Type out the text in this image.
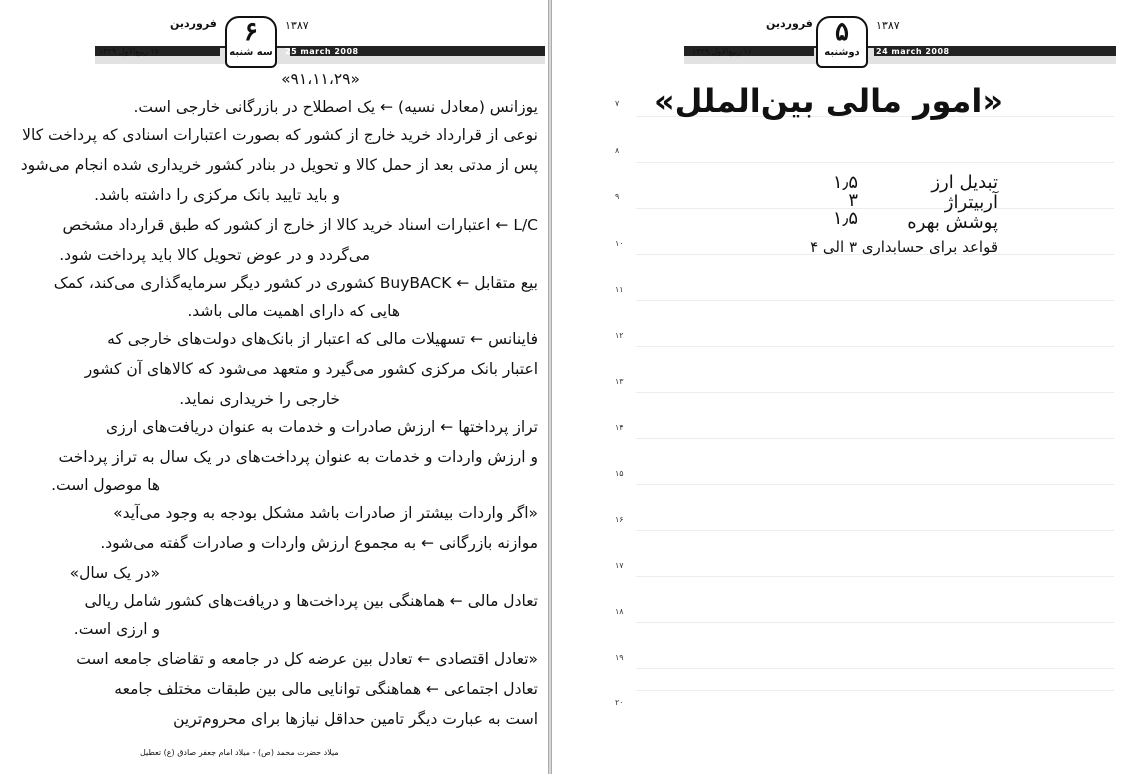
۱۷ ربیع‌الاول ۱۴۲۹
فروردین	۶
سه شنبه
۱۳۸۷
25 march 2008
«۹۱،۱۱،۲۹»
یوزانس (معادل نسیه) ← یک اصطلاح در بازرگانی خارجی است.
نوعی از قرارداد خرید خارج از کشور که بصورت اعتبارات اسنادی که پرداخت کالا
پس از مدتی بعد از حمل کالا و تحویل در بنادر کشور خریداری شده انجام می‌شود
و باید تایید بانک مرکزی را داشته باشد.
L/C ← اعتبارات اسناد خرید کالا از خارج از کشور که طبق قرارداد مشخص
می‌گردد و در عوض تحویل کالا باید پرداخت شود.
بیع متقابل ← BuyBACK کشوری در کشور دیگر سرمایه‌گذاری می‌کند، کمک
هایی که دارای اهمیت مالی باشد.
فاینانس ← تسهیلات مالی که اعتبار از بانک‌های دولت‌های خارجی که
اعتبار بانک مرکزی کشور می‌گیرد و متعهد می‌شود که کالاهای آن کشور
خارجی را خریداری نماید.
تراز پرداختها ← ارزش صادرات و خدمات به عنوان دریافت‌های ارزی
و ارزش واردات و خدمات به عنوان پرداخت‌های در یک سال به تراز پرداخت
ها موصول است.
«اگر واردات بیشتر از صادرات باشد مشکل بودجه به وجود می‌آید»
موازنه بازرگانی ← به مجموع ارزش واردات و صادرات گفته می‌شود.
«در یک سال»
تعادل مالی ← هماهنگی بین پرداخت‌ها و دریافت‌های کشور شامل ریالی
و ارزی است.
«تعادل اقتصادی ← تعادل بین عرضه کل در جامعه و تقاضای جامعه است
تعادل اجتماعی ← هماهنگی توانایی مالی بین طبقات مختلف جامعه
است به عبارت دیگر تامین حداقل نیازها برای محروم‌ترین
میلاد حضرت محمد (ص) - میلاد امام جعفر صادق (ع) تعطیل
۱۶ ربیع‌الاول ۱۴۲۹
فروردین ۵
دوشنبه
۱۳۸۷
24 march 2008
۷
۸
۹
۱۰
۱۱
۱۲
۱۳
۱۴
۱۵
۱۶
۱۷
۱۸
۱۹
۲۰
«امور مالی بین‌الملل»
تبدیل ارز
۱٫۵
آربیتراژ
۳
پوشش بهره
۱٫۵
قواعد برای حسابداری ۳ الی ۴
